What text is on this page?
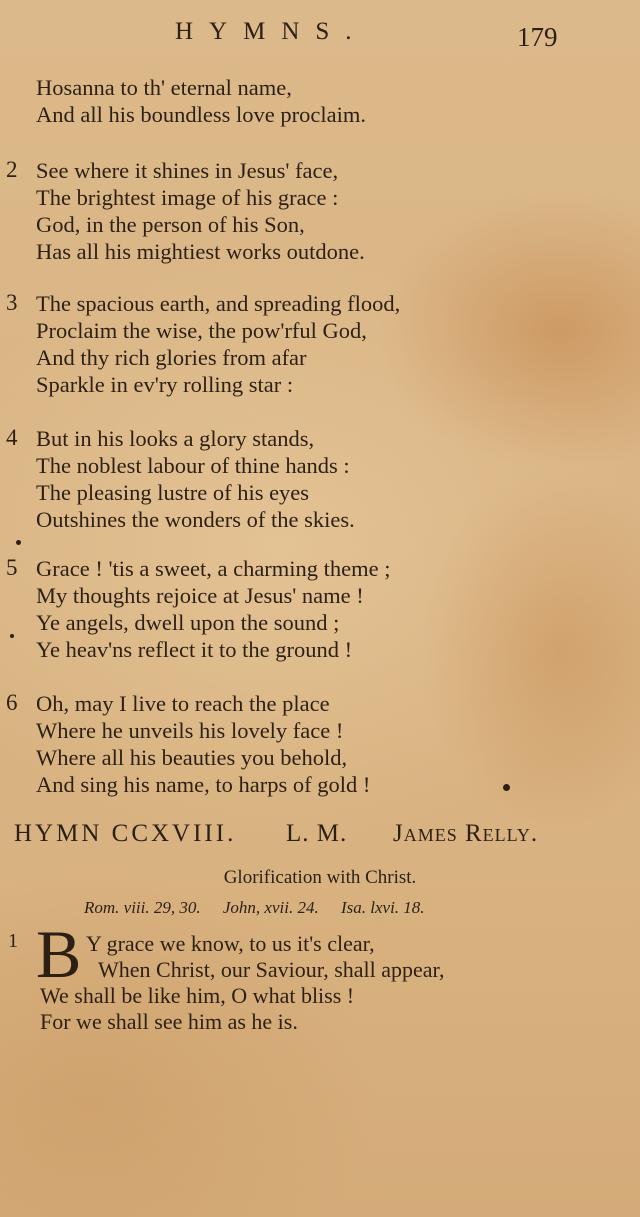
HYMNS.	179
Hosanna to th' eternal name,
And all his boundless love proclaim.
2 See where it shines in Jesus' face,
The brightest image of his grace :
God, in the person of his Son,
Has all his mightiest works outdone.
3 The spacious earth, and spreading flood,
Proclaim the wise, the pow'rful God,
And thy rich glories from afar
Sparkle in ev'ry rolling star :
4 But in his looks a glory stands,
The noblest labour of thine hands :
The pleasing lustre of his eyes
Outshines the wonders of the skies.
5 Grace ! 'tis a sweet, a charming theme ;
My thoughts rejoice at Jesus' name !
Ye angels, dwell upon the sound ;
Ye heav'ns reflect it to the ground !
6 Oh, may I live to reach the place
Where he unveils his lovely face !
Where all his beauties you behold,
And sing his name, to harps of gold !
HYMN CCXVIII. L. M. James Relly.
Glorification with Christ.
Rom. viii. 29, 30. John, xvii. 24. Isa. lxvi. 18.
1 B Y grace we know, to us it's clear,
When Christ, our Saviour, shall appear,
We shall be like him, O what bliss !
For we shall see him as he is.
